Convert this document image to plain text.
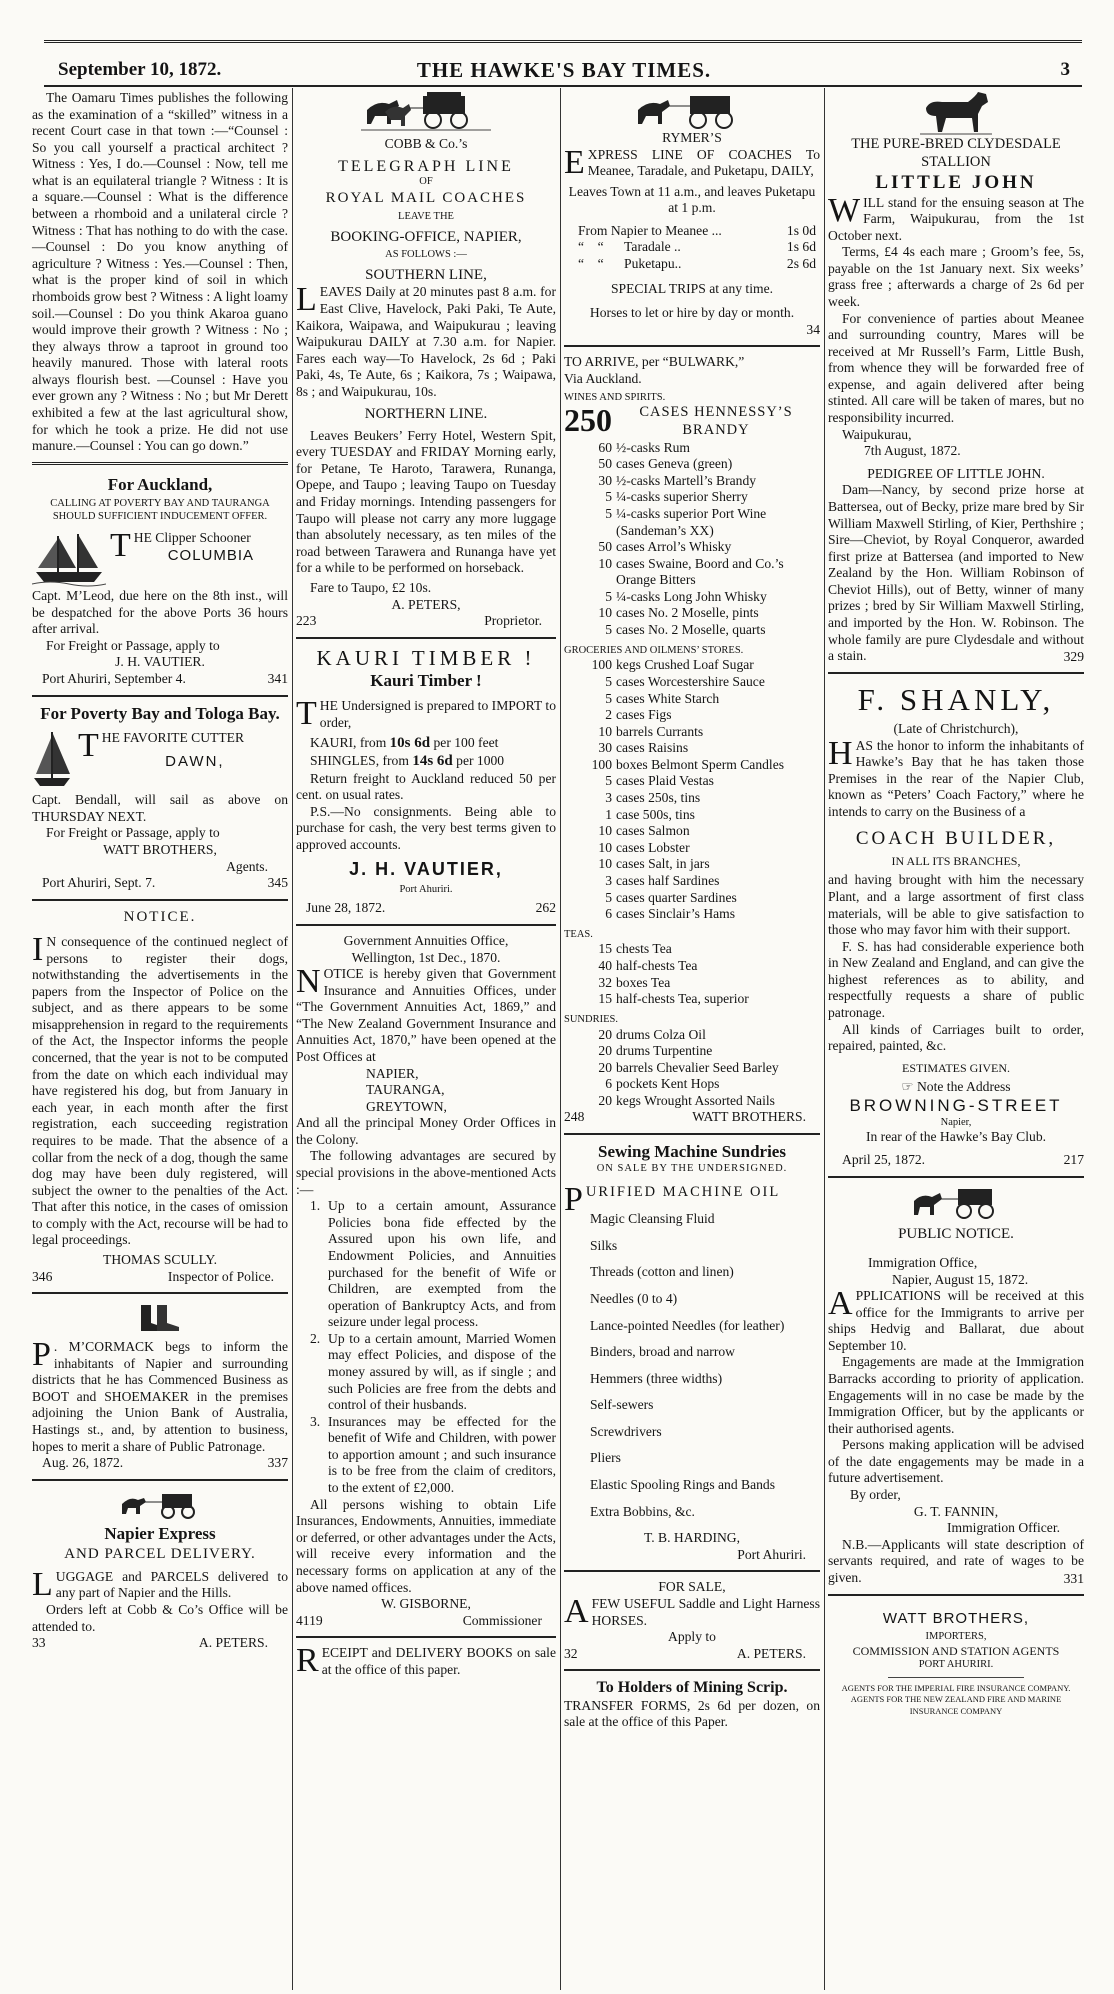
September 10, 1872.	THE HAWKE'S BAY TIMES.	3

The Oamaru Times publishes the following as the examination of a “skilled” witness in a recent Court case in that town :—“Counsel : So you call yourself a practical architect ? Witness : Yes, I do.—Counsel : Now, tell me what is an equilateral triangle ? Witness : It is a square.—Counsel : What is the difference between a rhomboid and a unilateral circle ? Witness : That has nothing to do with the case. —Counsel : Do you know anything of agriculture ? Witness : Yes.—Counsel : Then, what is the proper kind of soil in which rhomboids grow best ? Witness : A light loamy soil.—Counsel : Do you think Akaroa guano would improve their growth ? Witness : No ; they always throw a taproot in ground too heavily manured. Those with lateral roots always flourish best. —Counsel : Have you ever grown any ? Witness : No ; but Mr Derett exhibited a few at the last agricultural show, for which he took a prize. He did not use manure.—Counsel : You can go down.”

For Auckland,

CALLING AT POVERTY BAY AND TAURANGA SHOULD SUFFICIENT INDUCEMENT OFFER.

THE Clipper Schooner

COLUMBIA

Capt. M’Leod, due here on the 8th inst., will be despatched for the above Ports 36 hours after arrival.

For Freight or Passage, apply to

J. H. VAUTIER.

Port Ahuriri, September 4.	341

For Poverty Bay and Tologa Bay.

THE FAVORITE CUTTER

DAWN,

Capt. Bendall, will sail as above on THURSDAY NEXT.

For Freight or Passage, apply to

WATT BROTHERS,

Agents.

Port Ahuriri, Sept. 7.	345

NOTICE.

I N consequence of the continued neglect of persons to register their dogs, notwithstanding the advertisements in the papers from the Inspector of Police on the subject, and as there appears to be some misapprehension in regard to the requirements of the Act, the Inspector informs the people concerned, that the year is not to be computed from the date on which each individual may have registered his dog, but from January in each year, in each month after the first registration, each succeeding registration requires to be made. That the absence of a collar from the neck of a dog, though the same dog may have been duly registered, will subject the owner to the penalties of the Act. That after this notice, in the cases of omission to comply with the Act, recourse will be had to legal proceedings.

THOMAS SCULLY.

346	Inspector of Police.

P . M’CORMACK begs to inform the inhabitants of Napier and surrounding districts that he has Commenced Business as BOOT and SHOEMAKER in the premises adjoining the Union Bank of Australia, Hastings st., and, by attention to business, hopes to merit a share of Public Patronage.

Aug. 26, 1872.	337

Napier Express

AND PARCEL DELIVERY.

LUGGAGE and PARCELS delivered to any part of Napier and the Hills.

Orders left at Cobb & Co’s Office will be attended to.

33	A. PETERS.

COBB & Co.’s

TELEGRAPH LINE

OF

ROYAL MAIL COACHES

LEAVE THE

BOOKING-OFFICE, NAPIER,

AS FOLLOWS :—

SOUTHERN LINE,

LEAVES Daily at 20 minutes past 8 a.m. for East Clive, Havelock, Paki Paki, Te Aute, Kaikora, Waipawa, and Waipukurau ; leaving Waipukurau DAILY at 7.30 a.m. for Napier. Fares each way—To Havelock, 2s 6d ; Paki Paki, 4s, Te Aute, 6s ; Kaikora, 7s ; Waipawa, 8s ; and Waipukurau, 10s.

NORTHERN LINE.

Leaves Beukers’ Ferry Hotel, Western Spit, every TUESDAY and FRIDAY Morning early, for Petane, Te Haroto, Tarawera, Runanga, Opepe, and Taupo ; leaving Taupo on Tuesday and Friday mornings. Intending passengers for Taupo will please not carry any more luggage than absolutely necessary, as ten miles of the road between Tarawera and Runanga have yet for a while to be performed on horseback.

Fare to Taupo, £2 10s.

A. PETERS,

223	Proprietor.

KAURI TIMBER !

Kauri Timber !

THE Undersigned is prepared to IMPORT to order,

KAURI, from 10s 6d per 100 feet

SHINGLES, from 14s 6d per 1000

Return freight to Auckland reduced 50 per cent. on usual rates.

P.S.—No consignments. Being able to purchase for cash, the very best terms given to approved accounts.

J. H. VAUTIER,

Port Ahuriri.

June 28, 1872.	262

Government Annuities Office,

Wellington, 1st Dec., 1870.

NOTICE is hereby given that Government Insurance and Annuities Offices, under “The Government Annuities Act, 1869,” and “The New Zealand Government Insurance and Annuities Act, 1870,” have been opened at the Post Offices at

NAPIER,

TAURANGA,

GREYTOWN,

And all the principal Money Order Offices in the Colony.

The following advantages are secured by special provisions in the above-mentioned Acts :—

1. Up to a certain amount, Assurance Policies bona fide effected by the Assured upon his own life, and Endowment Policies, and Annuities purchased for the benefit of Wife or Children, are exempted from the operation of Bankruptcy Acts, and from seizure under legal process.
2. Up to a certain amount, Married Women may effect Policies, and dispose of the money assured by will, as if single ; and such Policies are free from the debts and control of their husbands.
3. Insurances may be effected for the benefit of Wife and Children, with power to apportion amount ; and such insurance is to be free from the claim of creditors, to the extent of £2,000.

All persons wishing to obtain Life Insurances, Endowments, Annuities, immediate or deferred, or other advantages under the Acts, will receive every information and the necessary forms on application at any of the above named offices.

W. GISBORNE,

4119	Commissioner

RECEIPT and DELIVERY BOOKS on sale at the office of this paper.

RYMER’S

EXPRESS LINE OF COACHES To Meanee, Taradale, and Puketapu, DAILY,

Leaves Town at 11 a.m., and leaves Puketapu at 1 p.m.

From Napier to Meanee ...	1s 0d
“    “      Taradale ..	1s 6d
“    “      Puketapu..	2s 6d

SPECIAL TRIPS at any time.

Horses to let or hire by day or month.

34

TO ARRIVE, per “BULWARK,”

Via Auckland.

WINES AND SPIRITS.

250	CASES HENNESSY’S BRANDY
60 ½-casks Rum
50 cases Geneva (green)
30 ½-casks Martell’s Brandy
5 ¼-casks superior Sherry
5 ¼-casks superior Port Wine (Sandeman’s XX)
50 cases Arrol’s Whisky
10 cases Swaine, Boord and Co.’s Orange Bitters
5 ¼-casks Long John Whisky
10 cases No. 2 Moselle, pints
5 cases No. 2 Moselle, quarts

GROCERIES AND OILMENS’ STORES.

100 kegs Crushed Loaf Sugar
5 cases Worcestershire Sauce
5 cases White Starch
2 cases Figs
10 barrels Currants
30 cases Raisins
100 boxes Belmont Sperm Candles
5 cases Plaid Vestas
3 cases 250s, tins
1 case 500s, tins
10 cases Salmon
10 cases Lobster
10 cases Salt, in jars
3 cases half Sardines
5 cases quarter Sardines
6 cases Sinclair’s Hams

TEAS.

15 chests Tea
40 half-chests Tea
32 boxes Tea
15 half-chests Tea, superior

SUNDRIES.

20 drums Colza Oil
20 drums Turpentine
20 barrels Chevalier Seed Barley
6 pockets Kent Hops
20 kegs Wrought Assorted Nails
248	WATT BROTHERS.

Sewing Machine Sundries

ON SALE BY THE UNDERSIGNED.

PURIFIED MACHINE OIL

Magic Cleansing Fluid

Silks

Threads (cotton and linen)

Needles (0 to 4)

Lance-pointed Needles (for leather)

Binders, broad and narrow

Hemmers (three widths)

Self-sewers

Screwdrivers

Pliers

Elastic Spooling Rings and Bands

Extra Bobbins, &c.

T. B. HARDING,

Port Ahuriri.

FOR SALE,

AFEW USEFUL Saddle and Light Harness HORSES.

Apply to

32	A. PETERS.

To Holders of Mining Scrip.

TRANSFER FORMS, 2s 6d per dozen, on sale at the office of this Paper.

THE PURE-BRED CLYDESDALE STALLION

LITTLE JOHN

WILL stand for the ensuing season at The Farm, Waipukurau, from the 1st October next.

Terms, £4 4s each mare ; Groom’s fee, 5s, payable on the 1st January next. Six weeks’ grass free ; afterwards a charge of 2s 6d per week.

For convenience of parties about Meanee and surrounding country, Mares will be received at Mr Russell’s Farm, Little Bush, from whence they will be forwarded free of expense, and again delivered after being stinted. All care will be taken of mares, but no responsibility incurred.

Waipukurau,

7th August, 1872.

PEDIGREE OF LITTLE JOHN.

Dam—Nancy, by second prize horse at Battersea, out of Becky, prize mare bred by Sir William Maxwell Stirling, of Kier, Perthshire ; Sire—Cheviot, by Royal Conqueror, awarded first prize at Battersea (and imported to New Zealand by the Hon. William Robinson of Cheviot Hills), out of Betty, winner of many prizes ; bred by Sir William Maxwell Stirling, and imported by the Hon. W. Robinson. The whole family are pure Clydesdale and without a stain.	329

F. SHANLY,

(Late of Christchurch),

HAS the honor to inform the inhabitants of Hawke’s Bay that he has taken those Premises in the rear of the Napier Club, known as “Peters’ Coach Factory,” where he intends to carry on the Business of a

COACH BUILDER,

IN ALL ITS BRANCHES,

and having brought with him the necessary Plant, and a large assortment of first class materials, will be able to give satisfaction to those who may favor him with their support.

F. S. has had considerable experience both in New Zealand and England, and can give the highest references as to ability, and respectfully requests a share of public patronage.

All kinds of Carriages built to order, repaired, painted, &c.

ESTIMATES GIVEN.

☞ Note the Address

BROWNING-STREET

Napier,

In rear of the Hawke’s Bay Club.

April 25, 1872.	217

PUBLIC NOTICE.

Immigration Office,

Napier, August 15, 1872.

APPLICATIONS will be received at this office for the Immigrants to arrive per ships Hedvig and Ballarat, due about September 10.

Engagements are made at the Immigration Barracks according to priority of application. Engagements will in no case be made by the Immigration Officer, but by the applicants or their authorised agents.

Persons making application will be advised of the date engagements may be made in a future advertisement.

By order,

G. T. FANNIN,

Immigration Officer.

N.B.—Applicants will state description of servants required, and rate of wages to be given.	331

WATT BROTHERS,

IMPORTERS,

COMMISSION AND STATION AGENTS

PORT AHURIRI.

AGENTS FOR THE IMPERIAL FIRE INSURANCE COMPANY.

AGENTS FOR THE NEW ZEALAND FIRE AND MARINE INSURANCE COMPANY
